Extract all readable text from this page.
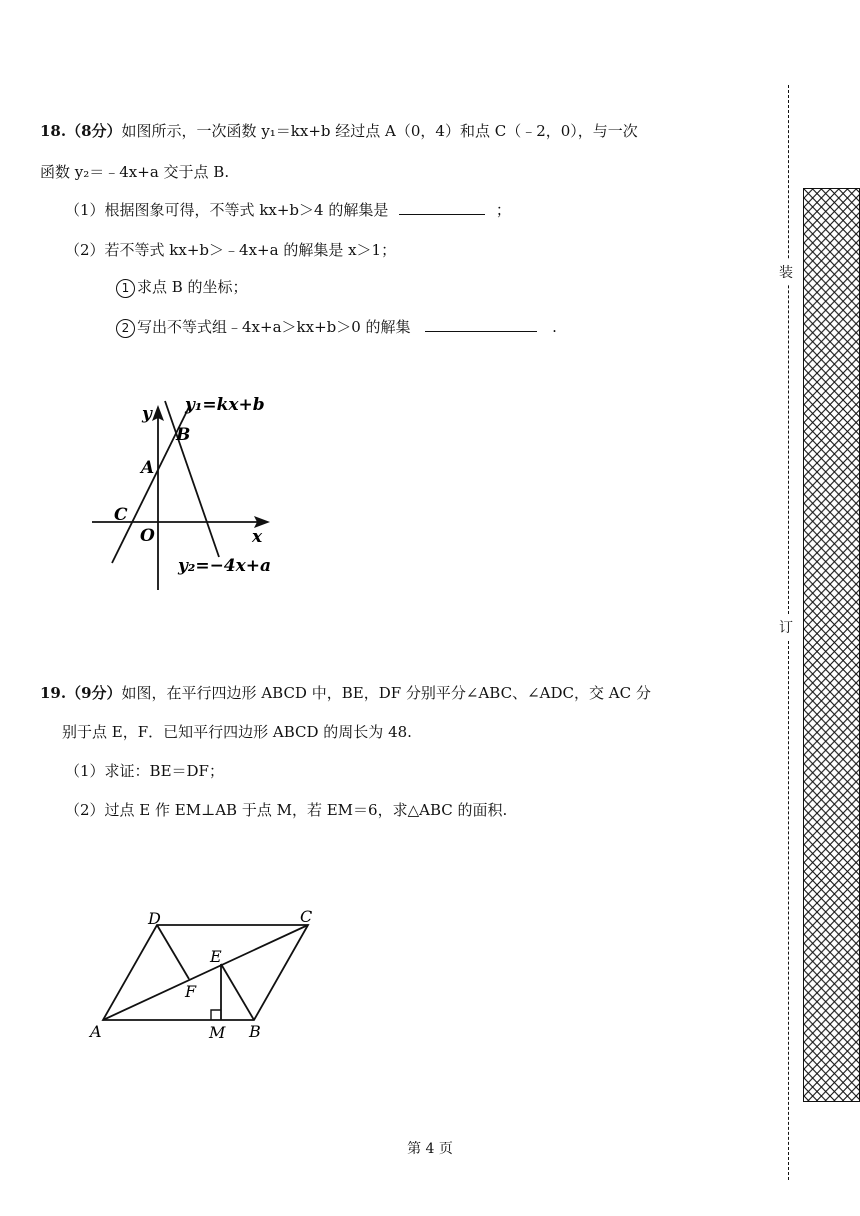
18.（8分）如图所示，一次函数 y₁＝kx+b 经过点 A（0，4）和点 C（﹣2，0），与一次
函数 y₂＝﹣4x+a 交于点 B.
（1）根据图象可得，不等式 kx+b＞4 的解集是	；
（2）若不等式 kx+b＞﹣4x+a 的解集是 x＞1；
1 求点 B 的坐标；
2 写出不等式组﹣4x+a＞kx+b＞0 的解集	.
y
x
y₁=kx+b
y₂=−4x+a
B
A
C
O
19.（9分）如图，在平行四边形 ABCD 中，BE，DF 分别平分∠ABC、∠ADC，交 AC 分
别于点 E，F．已知平行四边形 ABCD 的周长为 48.
（1）求证：BE＝DF；
（2）过点 E 作 EM⊥AB 于点 M，若 EM＝6，求△ABC 的面积.
A	B
C
D
E
F
M
装
订
第 4 页
